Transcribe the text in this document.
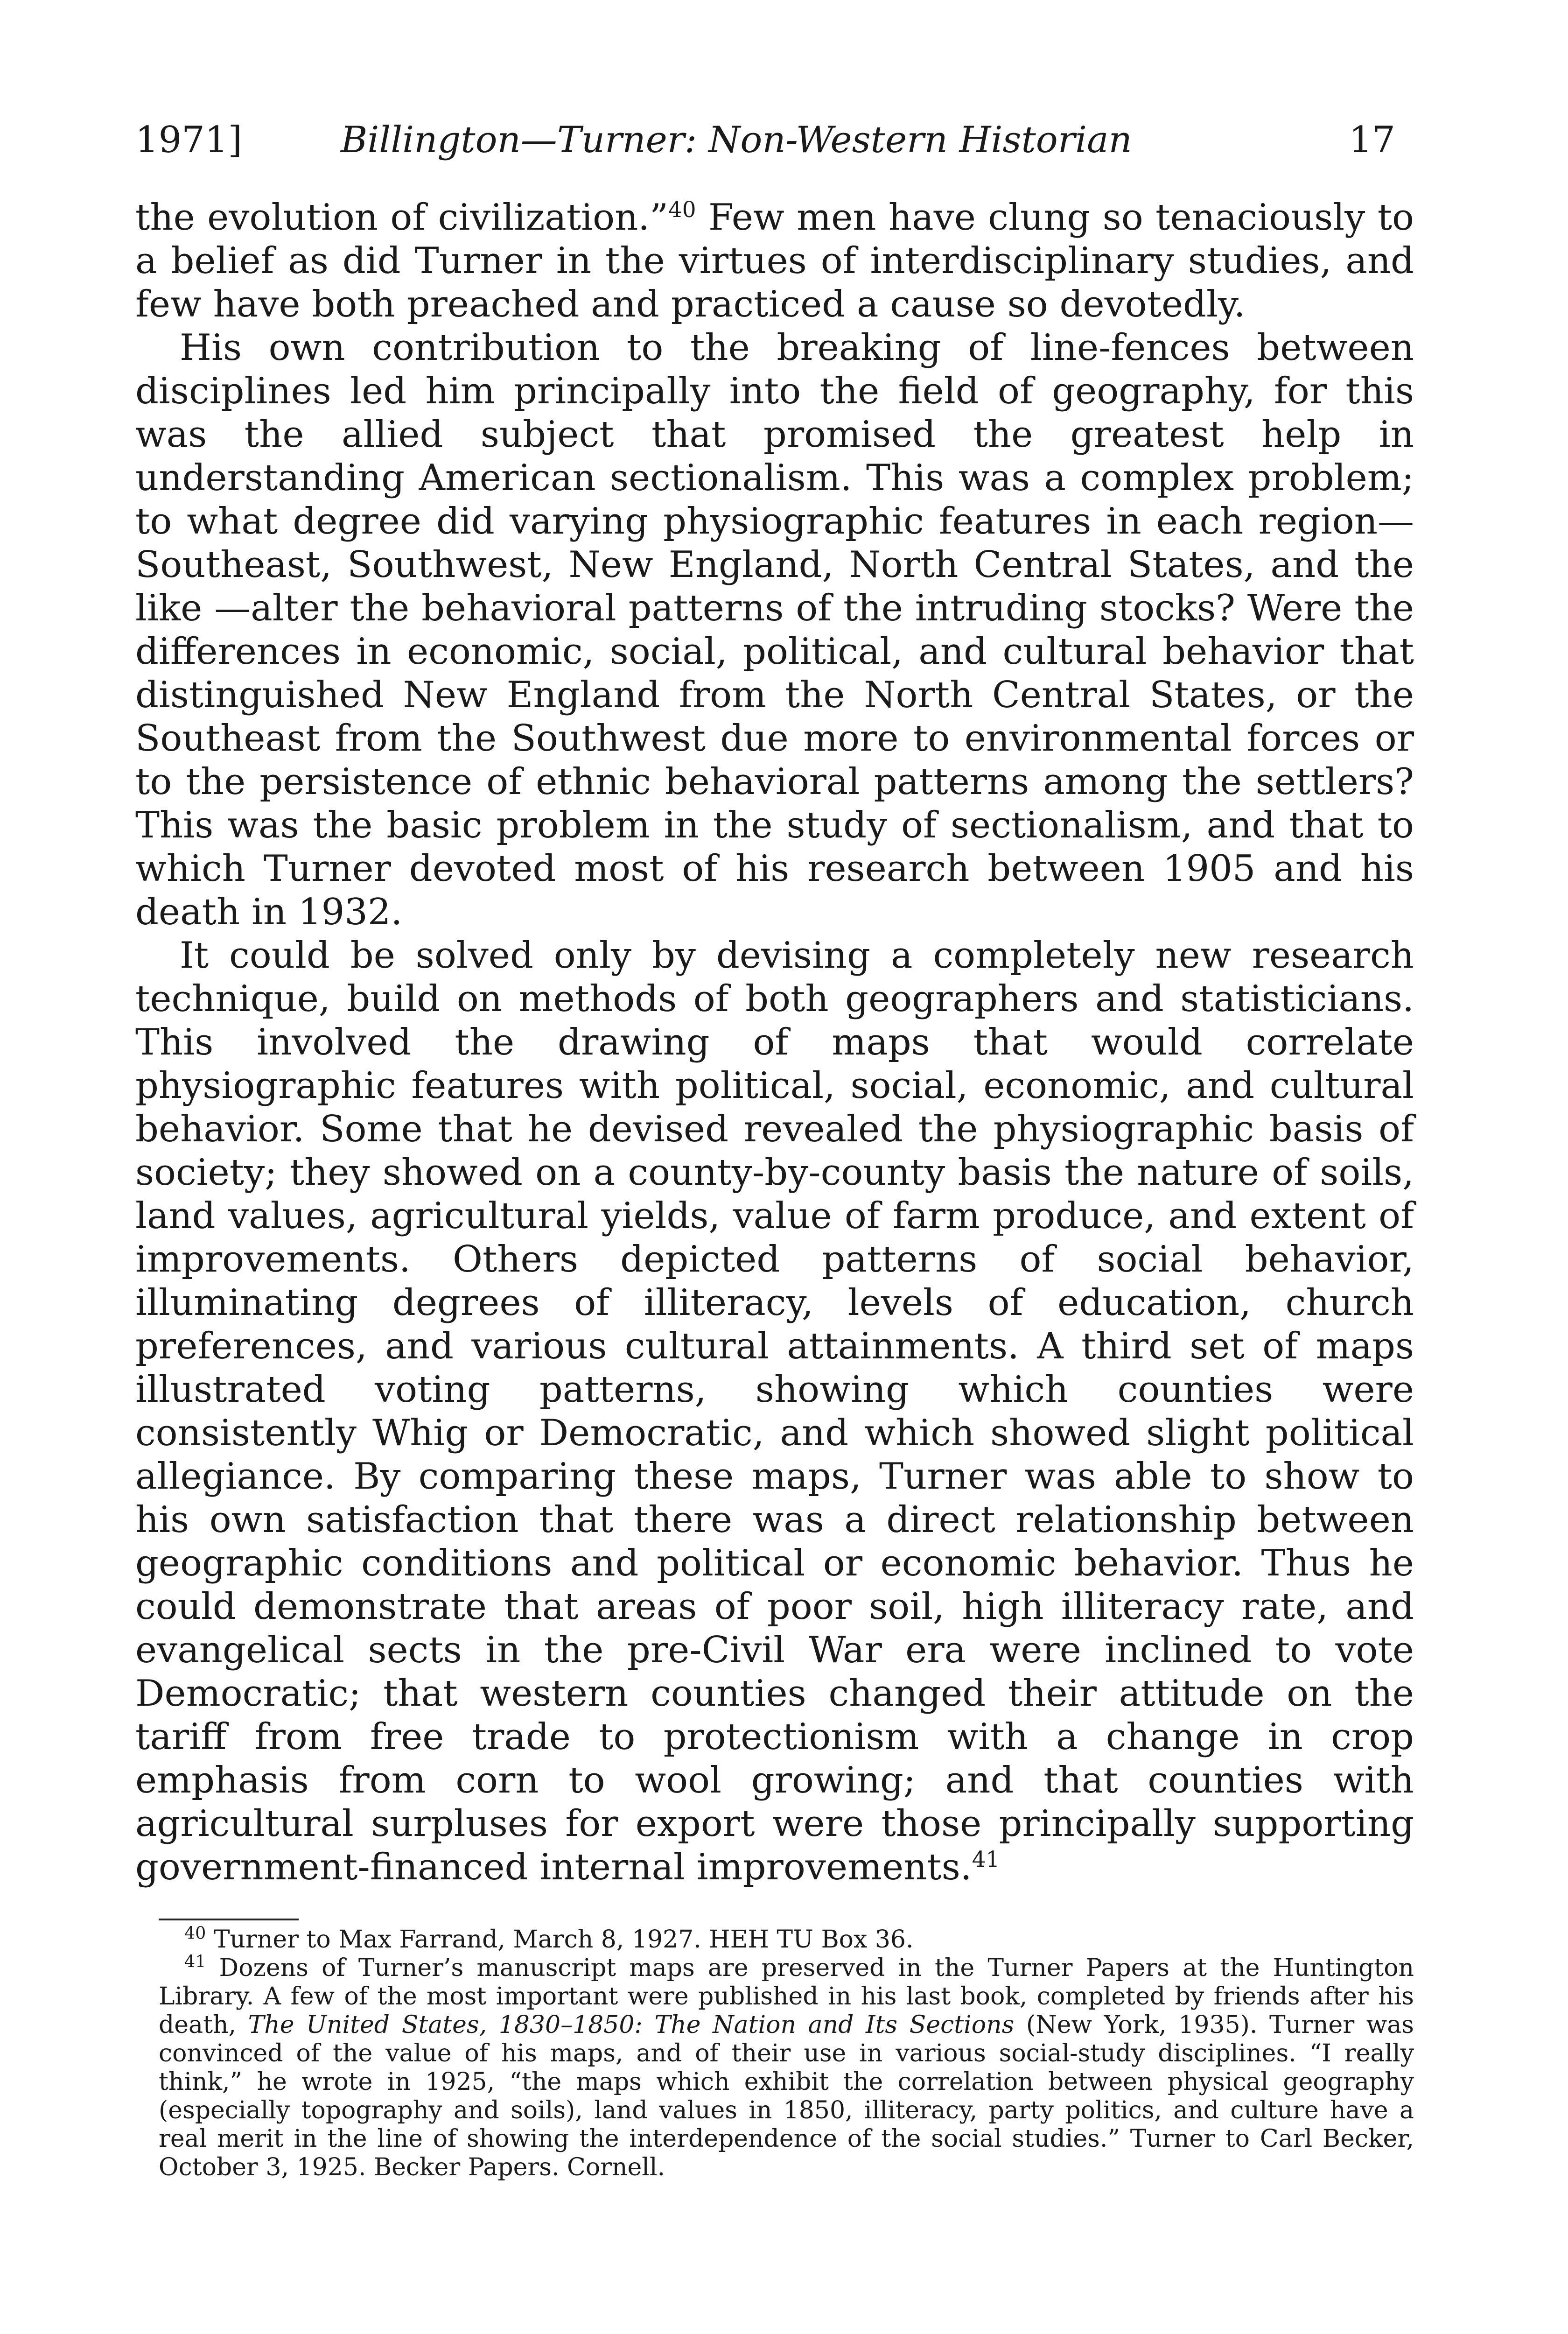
1971]	Billington—Turner: Non-Western Historian	17

the evolution of civilization.”$^{40}$ Few men have clung so tenaciously to a belief as did Turner in the virtues of interdisciplinary studies, and few have both preached and practiced a cause so devotedly.

His own contribution to the breaking of line-fences between disciplines led him principally into the field of geography, for this was the allied subject that promised the greatest help in understanding American sectionalism. This was a complex problem; to what degree did varying physiographic features in each region—Southeast, Southwest, New England, North Central States, and the like —alter the behavioral patterns of the intruding stocks? Were the differences in economic, social, political, and cultural behavior that distinguished New England from the North Central States, or the Southeast from the Southwest due more to environmental forces or to the persistence of ethnic behavioral patterns among the settlers? This was the basic problem in the study of sectionalism, and that to which Turner devoted most of his research between 1905 and his death in 1932.

It could be solved only by devising a completely new research technique, build on methods of both geographers and statisticians. This involved the drawing of maps that would correlate physiographic features with political, social, economic, and cultural behavior. Some that he devised revealed the physiographic basis of society; they showed on a county-by-county basis the nature of soils, land values, agricultural yields, value of farm produce, and extent of improvements. Others depicted patterns of social behavior, illuminating degrees of illiteracy, levels of education, church preferences, and various cultural attainments. A third set of maps illustrated voting patterns, showing which counties were consistently Whig or Democratic, and which showed slight political allegiance. By comparing these maps, Turner was able to show to his own satisfaction that there was a direct relationship between geographic conditions and political or economic behavior. Thus he could demonstrate that areas of poor soil, high illiteracy rate, and evangelical sects in the pre-Civil War era were inclined to vote Democratic; that western counties changed their attitude on the tariff from free trade to protectionism with a change in crop emphasis from corn to wool growing; and that counties with agricultural surpluses for export were those principally supporting government-financed internal improvements.$^{41}$

$^{40}$ Turner to Max Farrand, March 8, 1927. HEH TU Box 36.

$^{41}$ Dozens of Turner’s manuscript maps are preserved in the Turner Papers at the Huntington Library. A few of the most important were published in his last book, completed by friends after his death, The United States, 1830–1850: The Nation and Its Sections (New York, 1935). Turner was convinced of the value of his maps, and of their use in various social-study disciplines. “I really think,” he wrote in 1925, “the maps which exhibit the correlation between physical geography (especially topography and soils), land values in 1850, illiteracy, party politics, and culture have a real merit in the line of showing the interdependence of the social studies.” Turner to Carl Becker, October 3, 1925. Becker Papers. Cornell.
